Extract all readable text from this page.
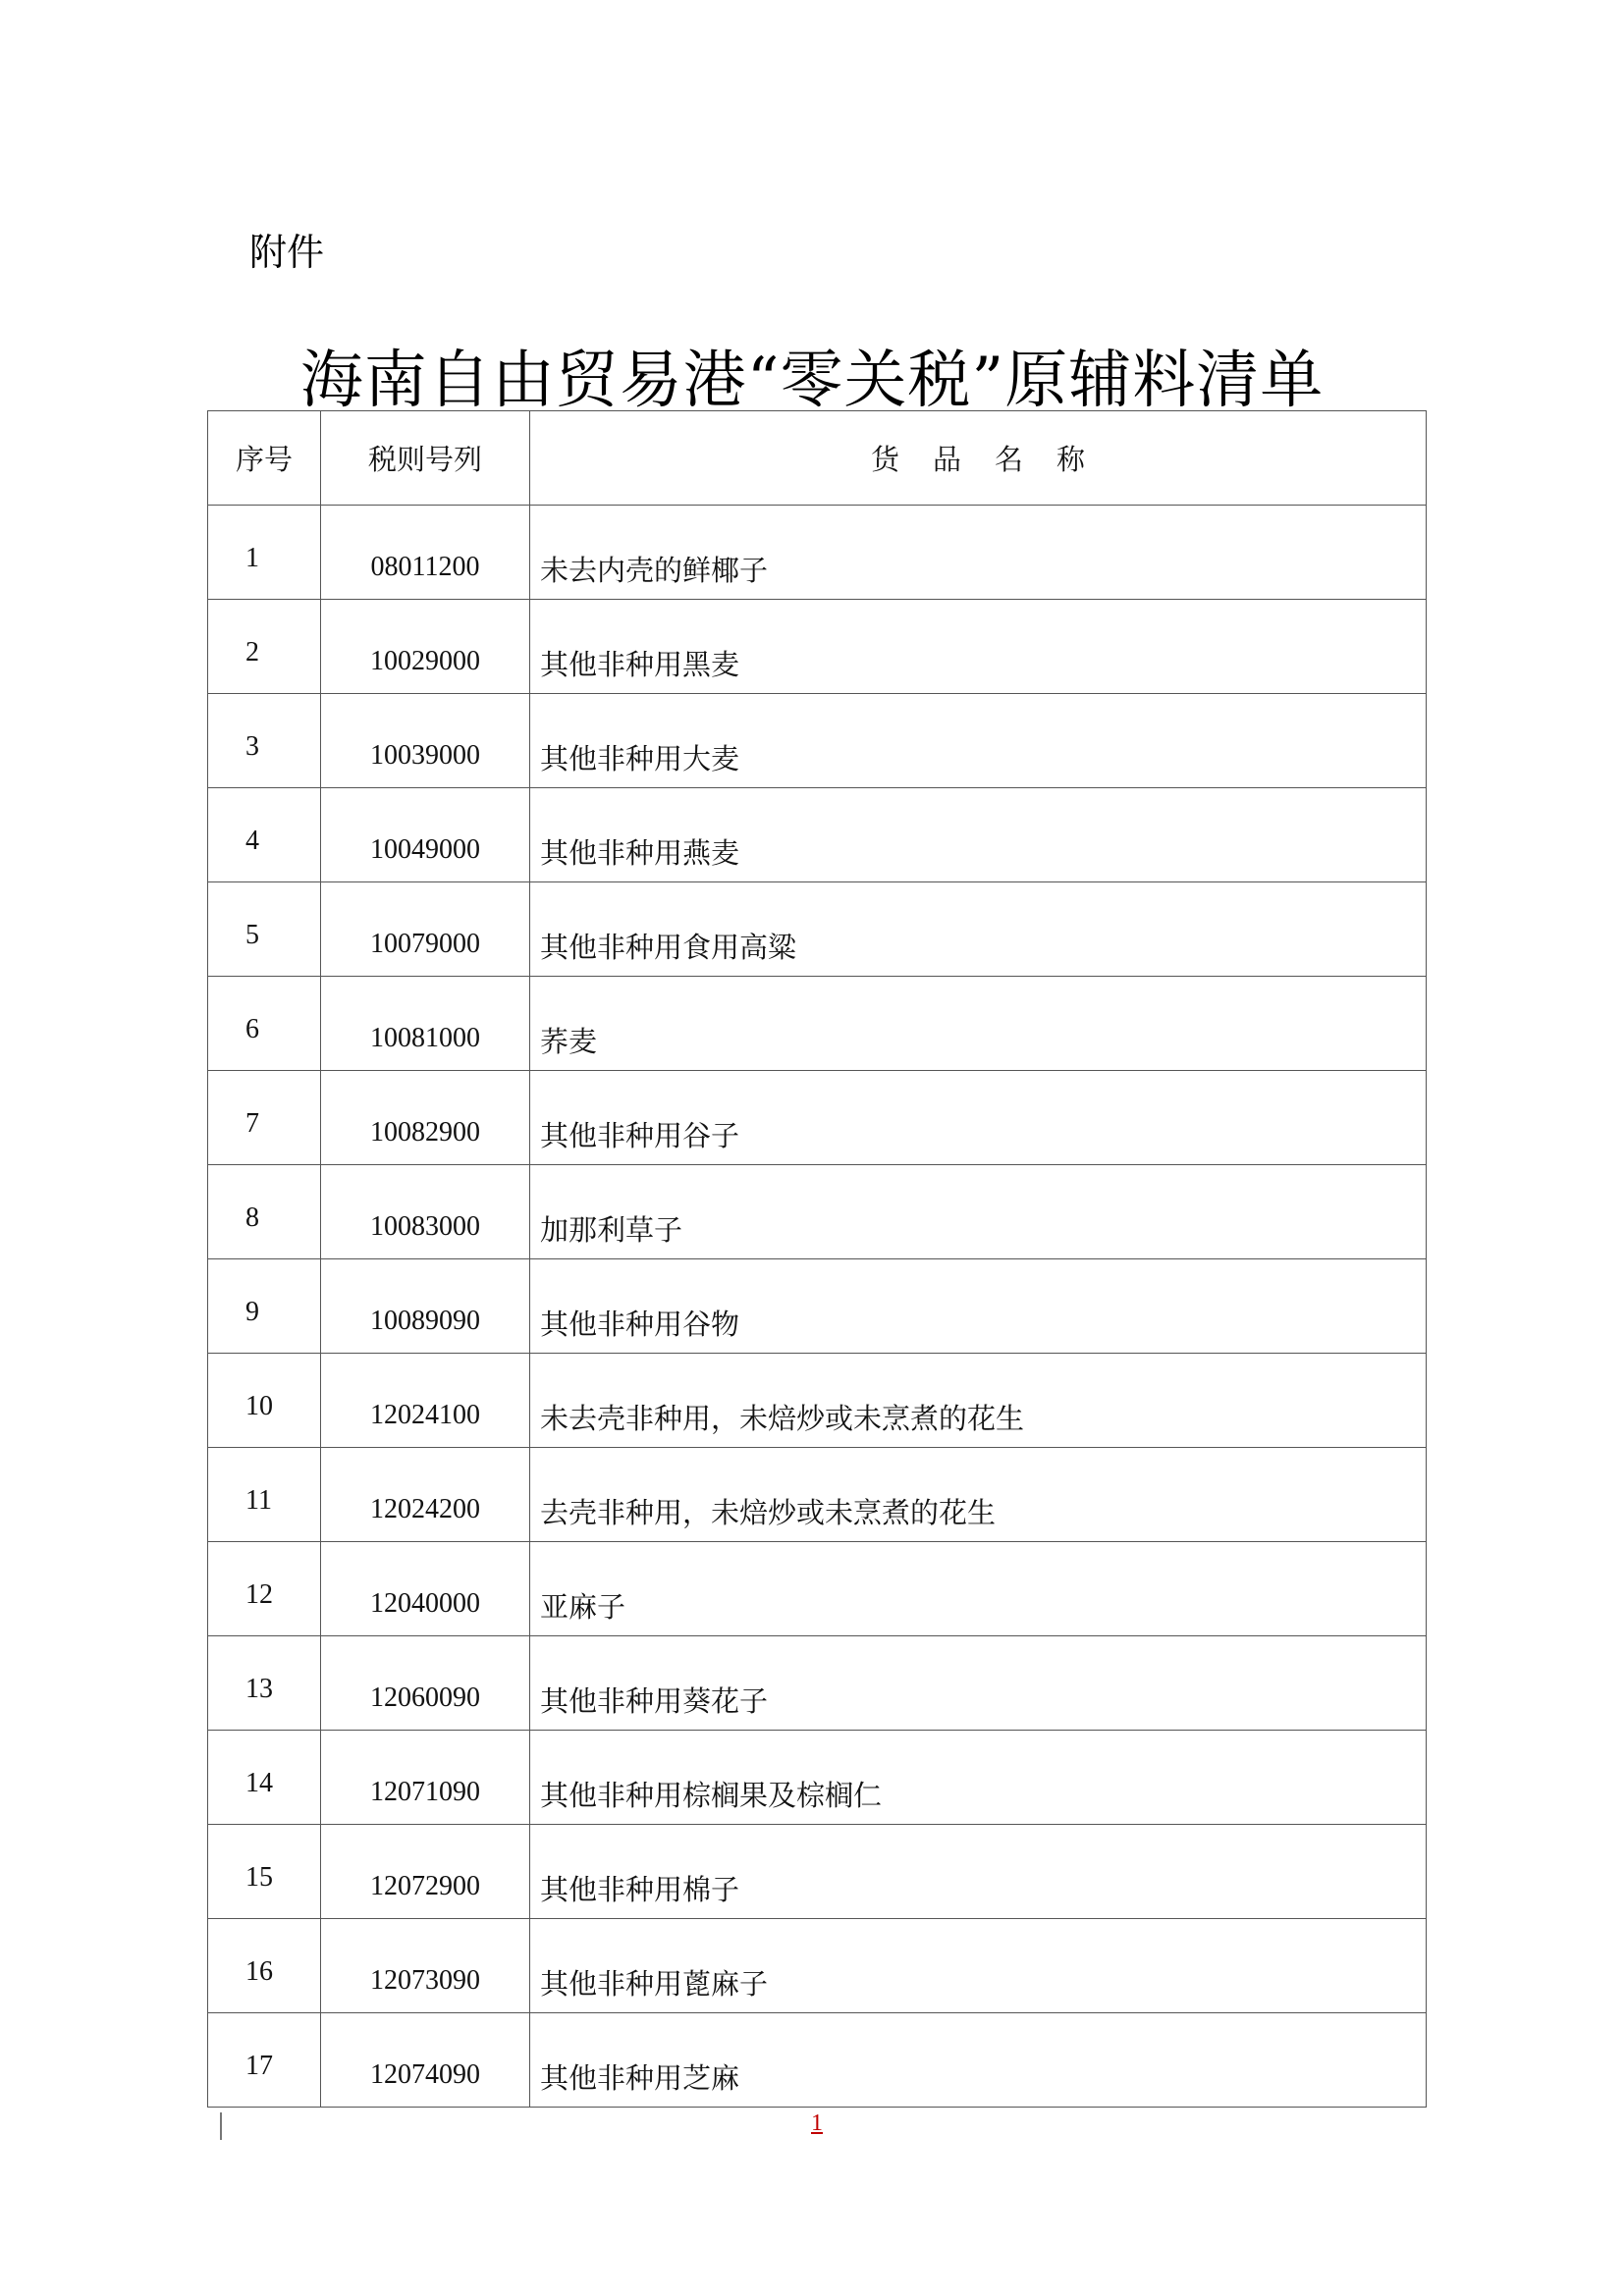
附件
海南自由贸易港“零关税”原辅料清单
序号	税则号列	货品名称
1	08011200	未去内壳的鲜椰子
2	10029000	其他非种用黑麦
3	10039000	其他非种用大麦
4	10049000	其他非种用燕麦
5	10079000	其他非种用食用高粱
6	10081000	荞麦
7	10082900	其他非种用谷子
8	10083000	加那利草子
9	10089090	其他非种用谷物
10	12024100	未去壳非种用，未焙炒或未烹煮的花生
11	12024200	去壳非种用，未焙炒或未烹煮的花生
12	12040000	亚麻子
13	12060090	其他非种用葵花子
14	12071090	其他非种用棕榈果及棕榈仁
15	12072900	其他非种用棉子
16	12073090	其他非种用蓖麻子
17	12074090	其他非种用芝麻
1
